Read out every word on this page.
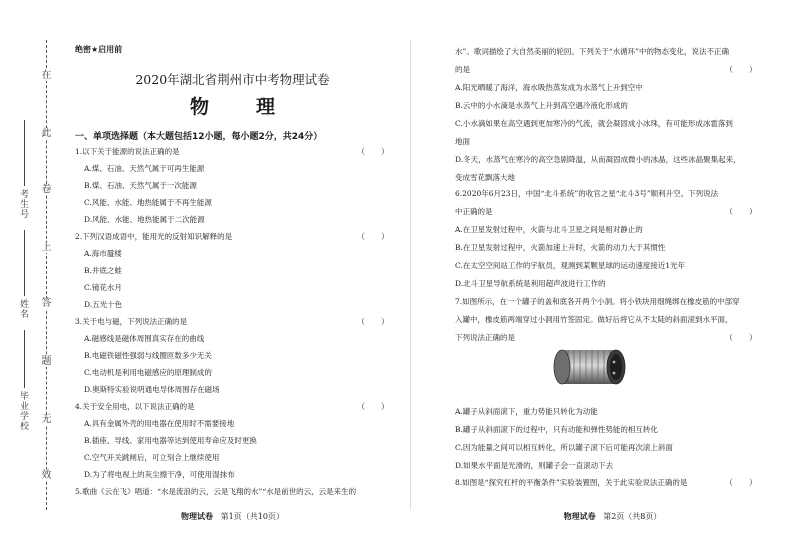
在
此
卷
上
答
题
无
效
考生号
姓名
毕业学校
绝密★启用前
2020年湖北省荆州市中考物理试卷
物　理
一、单项选择题（本大题包括12小题，每小题2分，共24分）
1.以下关于能源的说法正确的是	（　　）
A.煤、石油、天然气属于可再生能源
B.煤、石油、天然气属于一次能源
C.风能、水能、地热能属于不再生能源
D.风能、水能、地热能属于二次能源
2.下列汉语成语中，能用光的反射知识解释的是	（　　）
A.海市蜃楼
B.井底之蛙
C.镜花水月
D.五光十色
3.关于电与磁，下列说法正确的是	（　　）
A.磁感线是磁体周围真实存在的曲线
B.电磁铁磁性强弱与线圈匝数多少无关
C.电动机是利用电磁感应的原理制成的
D.奥斯特实验说明通电导体周围存在磁场
4.关于安全用电，以下说法正确的是	（　　）
A.具有金属外壳的用电器在使用时不需要接地
B.插座、导线、家用电器等达到使用寿命应及时更换
C.空气开关跳闸后，可立刻合上继续使用
D.为了将电视上的灰尘擦干净，可使用湿抹布
5.歌曲《云在飞》唱道：“水是流浪的云，云是飞翔的水”“水是前世的云，云是来生的
物理试卷 第1页（共10页）
水”。歌词描绘了大自然美丽的轮回。下列关于“水循环”中的物态变化，说法不正确
的是	（　　）
A.阳光晒暖了海洋，海水吸热蒸发成为水蒸气上升到空中
B.云中的小水滴是水蒸气上升到高空遇冷液化形成的
C.小水滴如果在高空遇到更加寒冷的气流，就会凝固成小冰珠，有可能形成冰雹落到
地面
D.冬天，水蒸气在寒冷的高空急剧降温，从而凝固成微小的冰晶，这些冰晶聚集起来，
变成雪花飘落大地
6.2020年6月23日，中国“北斗系统”的收官之星“北斗3号”顺利升空。下列说法
中正确的是	（　　）
A.在卫星发射过程中，火箭与北斗卫星之间是相对静止的
B.在卫星发射过程中，火箭加速上升时，火箭的动力大于其惯性
C.在太空空间站工作的宇航员，观测到某颗星球的运动速度接近1光年
D.北斗卫星导航系统是利用超声波进行工作的
7.如图所示，在一个罐子的盖和底各开两个小洞。将小铁块用细绳绑在橡皮筋的中部穿
入罐中，橡皮筋两端穿过小洞用竹签固定。做好后将它从不太陡的斜面滚到水平面，
下列说法正确的是	（　　）
A.罐子从斜面滚下，重力势能只转化为动能
B.罐子从斜面滚下的过程中，只有动能和弹性势能的相互转化
C.因为能量之间可以相互转化，所以罐子滚下后可能再次滚上斜面
D.如果水平面是光滑的，则罐子会一直滚动下去
8.如图是“探究杠杆的平衡条件”实验装置图，关于此实验说法正确的是	（　　）
物理试卷 第2页（共8页）
